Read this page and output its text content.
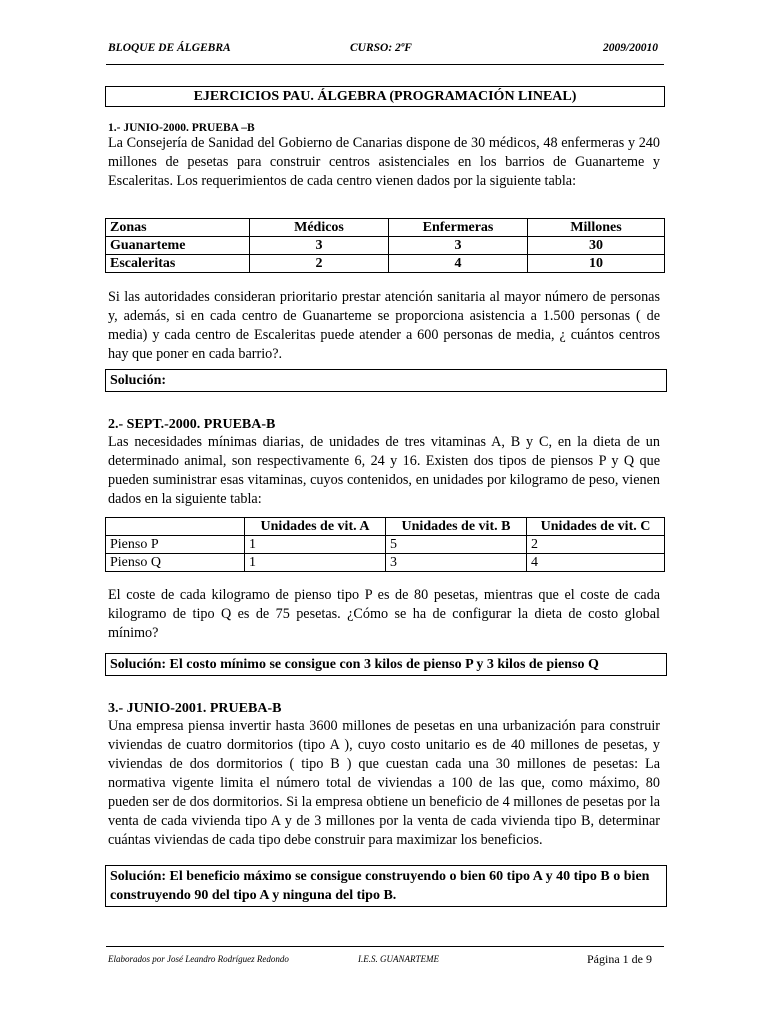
BLOQUE DE ÁLGEBRA	CURSO: 2ºF	2009/20010
EJERCICIOS PAU. ÁLGEBRA (PROGRAMACIÓN LINEAL)
1.- JUNIO-2000. PRUEBA –B

La Consejería de Sanidad del Gobierno de Canarias dispone de 30 médicos, 48 enfermeras y 240 millones de pesetas para construir centros asistenciales en los barrios de Guanarteme y Escaleritas. Los requerimientos de cada centro vienen dados por la siguiente tabla:

Zonas	Médicos	Enfermeras	Millones
Guanarteme	3	3	30
Escaleritas	2	4	10

Si las autoridades consideran prioritario prestar atención sanitaria al mayor número de personas y, además, si en cada centro de Guanarteme se proporciona asistencia a 1.500 personas ( de media) y cada centro de Escaleritas puede atender a 600 personas de media, ¿ cuántos centros hay que poner en cada barrio?.

Solución:
2.- SEPT.-2000. PRUEBA-B

Las necesidades mínimas diarias, de unidades de tres vitaminas A, B y C, en la dieta de un determinado animal, son respectivamente 6, 24 y 16. Existen dos tipos de piensos P y Q que pueden suministrar esas vitaminas, cuyos contenidos, en unidades por kilogramo de peso, vienen dados en la siguiente tabla:

	Unidades de vit. A	Unidades de vit. B	Unidades de vit. C
Pienso P	1	5	2
Pienso Q	1	3	4

El coste de cada kilogramo de pienso tipo P es de 80 pesetas, mientras que el coste de cada kilogramo de tipo Q es de 75 pesetas. ¿Cómo se ha de configurar la dieta de costo global mínimo?

Solución: El costo mínimo se consigue con 3 kilos de pienso P y 3 kilos de pienso Q
3.- JUNIO-2001. PRUEBA-B

Una empresa piensa invertir hasta 3600 millones de pesetas en una urbanización para construir viviendas de cuatro dormitorios (tipo A ), cuyo costo unitario es de 40 millones de pesetas, y viviendas de dos dormitorios ( tipo B ) que cuestan cada una 30 millones de pesetas: La normativa vigente limita el número total de viviendas a 100 de las que, como máximo, 80 pueden ser de dos dormitorios. Si la empresa obtiene un beneficio de 4 millones de pesetas por la venta de cada vivienda tipo A y de 3 millones por la venta de cada vivienda tipo B, determinar cuántas viviendas de cada tipo debe construir para maximizar los beneficios.

Solución: El beneficio máximo se consigue construyendo o bien 60 tipo A y 40 tipo B o bien construyendo 90 del tipo A y ninguna del tipo B.
Elaborados por José Leandro Rodríguez Redondo	I.E.S. GUANARTEME	Página 1 de 9
